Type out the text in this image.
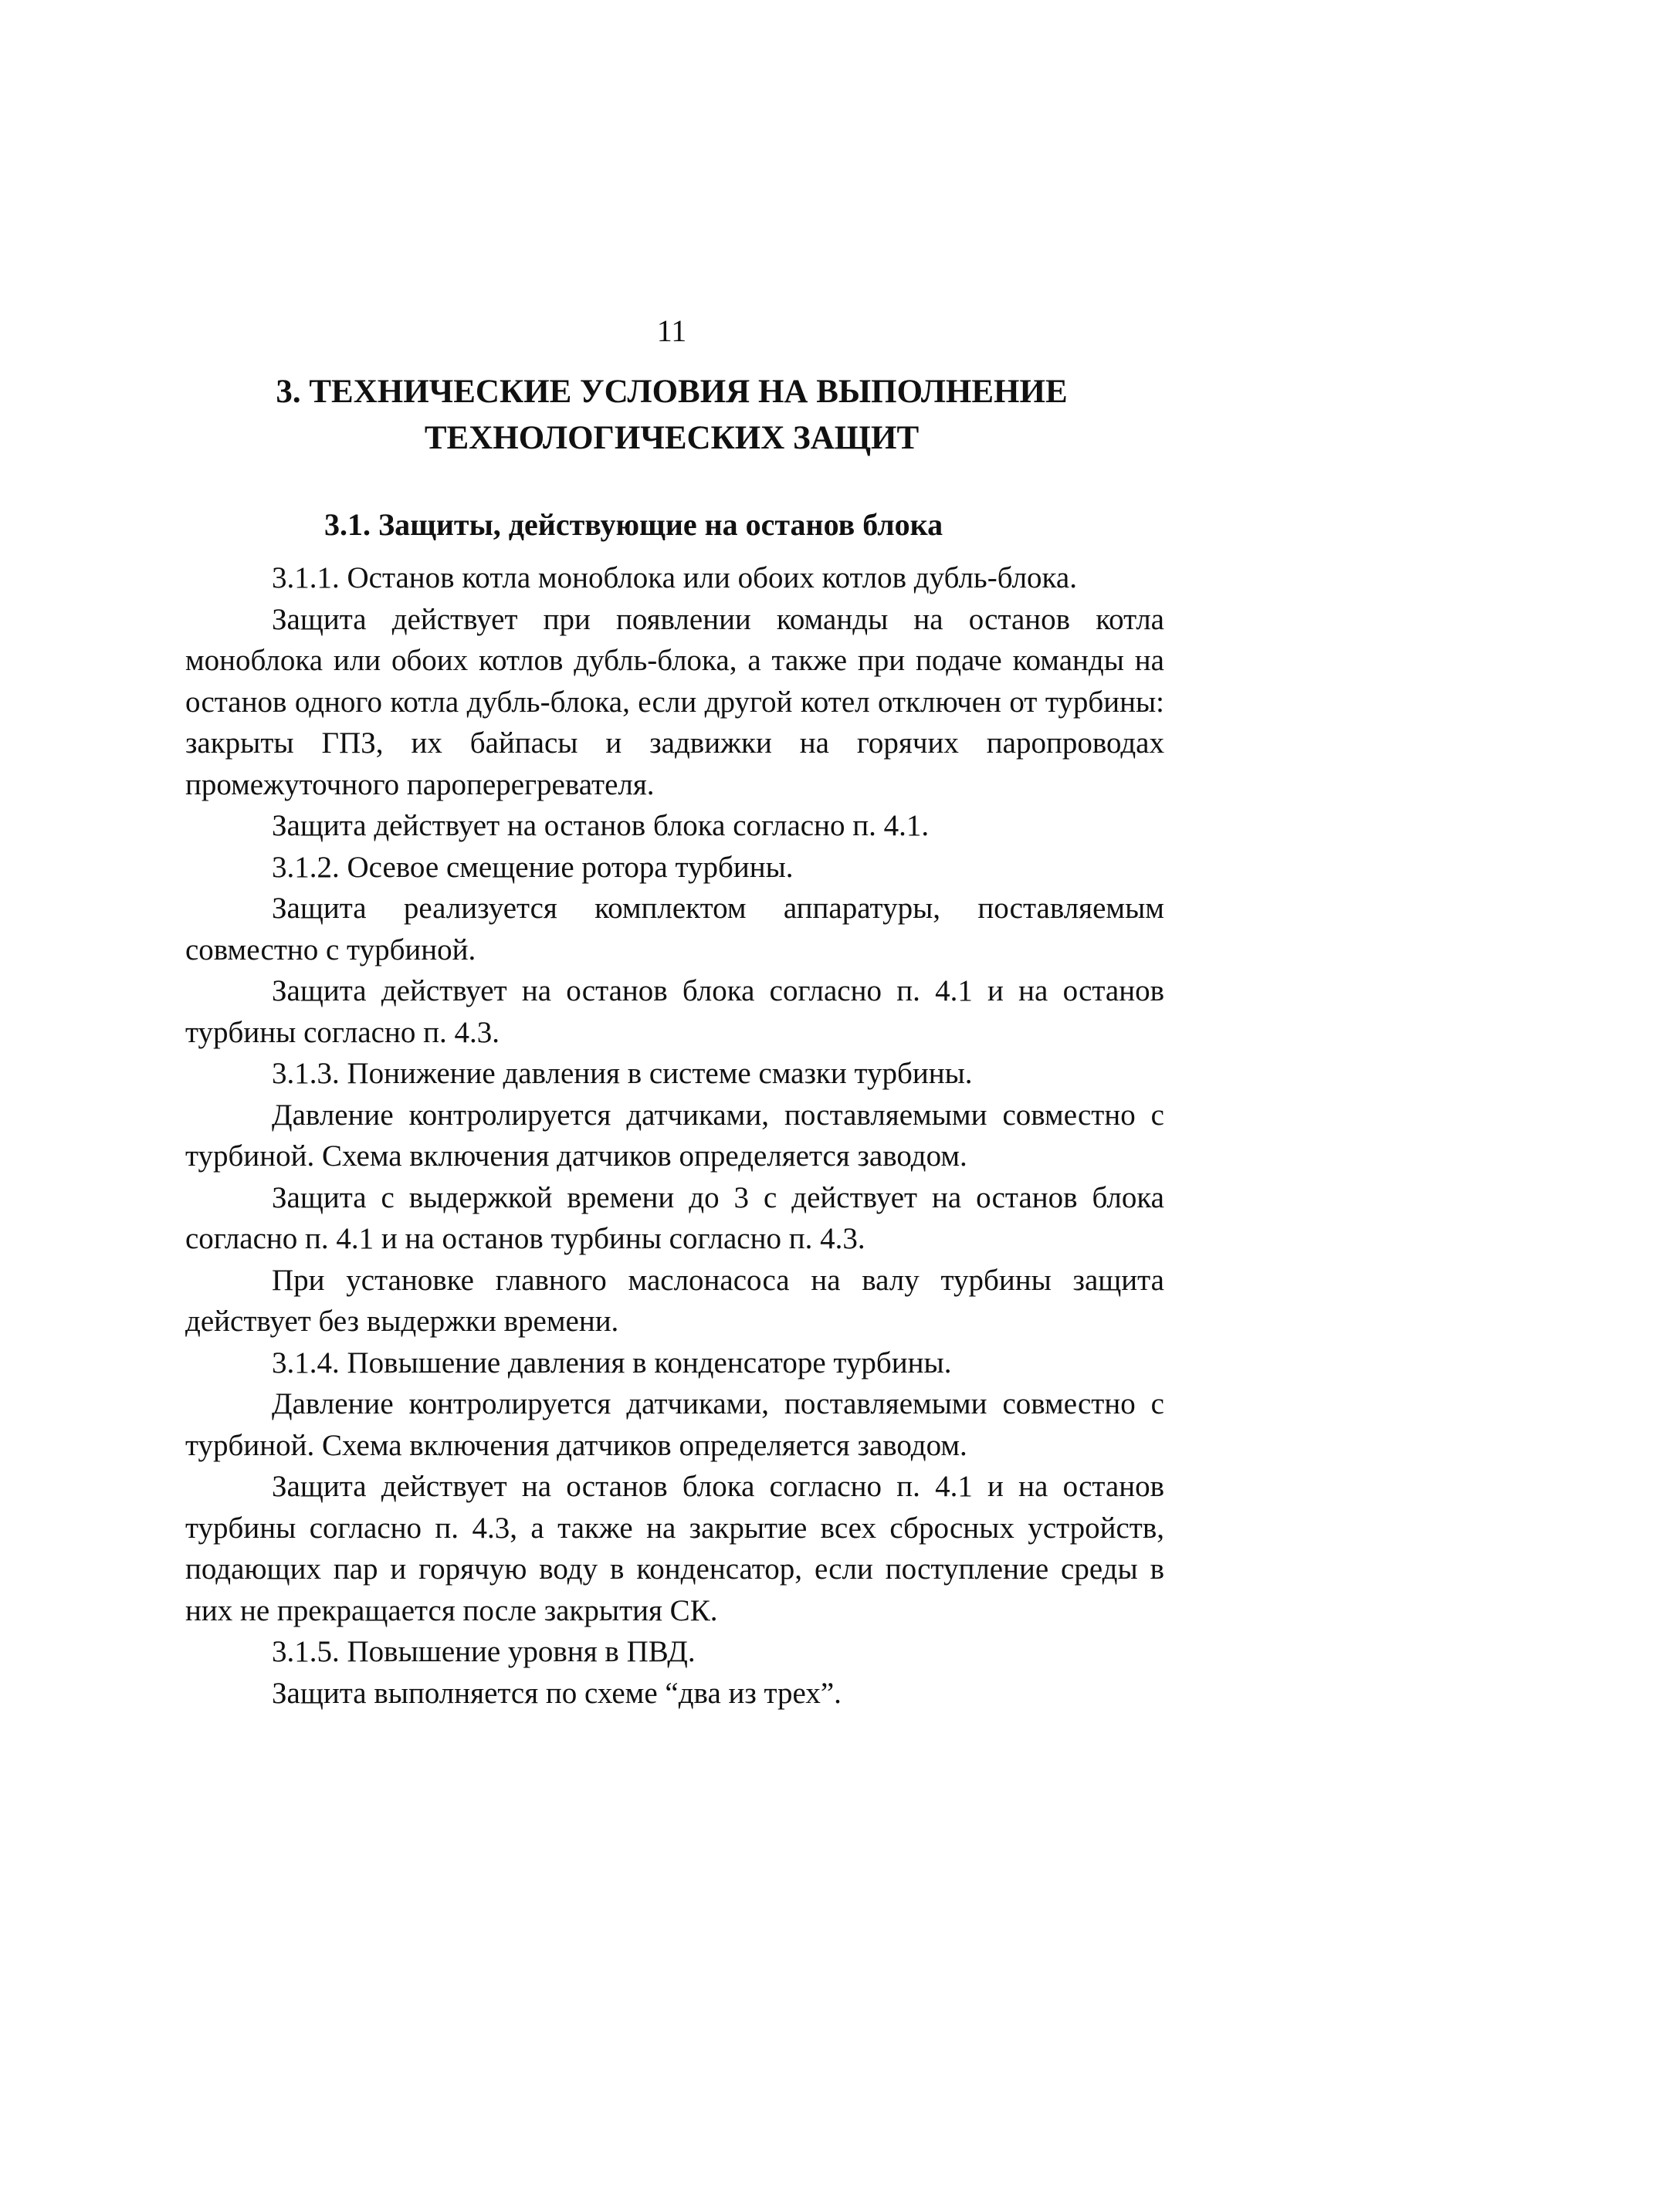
11
3. ТЕХНИЧЕСКИЕ УСЛОВИЯ НА ВЫПОЛНЕНИЕ
ТЕХНОЛОГИЧЕСКИХ ЗАЩИТ
3.1. Защиты, действующие на останов блока

3.1.1. Останов котла моноблока или обоих котлов дубль-блока.

Защита действует при появлении команды на останов котла моноблока или обоих котлов дубль-блока, а также при подаче команды на останов одного котла дубль-блока, если другой котел отключен от турбины: закрыты ГПЗ, их байпасы и задвижки на горячих паропроводах промежуточного пароперегревателя.

Защита действует на останов блока согласно п. 4.1.

3.1.2. Осевое смещение ротора турбины.

Защита реализуется комплектом аппаратуры, поставляемым совместно с турбиной.

Защита действует на останов блока согласно п. 4.1 и на останов турбины согласно п. 4.3.

3.1.3. Понижение давления в системе смазки турбины.

Давление контролируется датчиками, поставляемыми совместно с турбиной. Схема включения датчиков определяется заводом.

Защита с выдержкой времени до 3 с действует на останов блока согласно п. 4.1 и на останов турбины согласно п. 4.3.

При установке главного маслонасоса на валу турбины защита действует без выдержки времени.

3.1.4. Повышение давления в конденсаторе турбины.

Давление контролируется датчиками, поставляемыми совместно с турбиной. Схема включения датчиков определяется заводом.

Защита действует на останов блока согласно п. 4.1 и на останов турбины согласно п. 4.3, а также на закрытие всех сбросных устройств, подающих пар и горячую воду в конденсатор, если поступление среды в них не прекращается после закрытия СК.

3.1.5. Повышение уровня в ПВД.

Защита выполняется по схеме “два из трех”.
